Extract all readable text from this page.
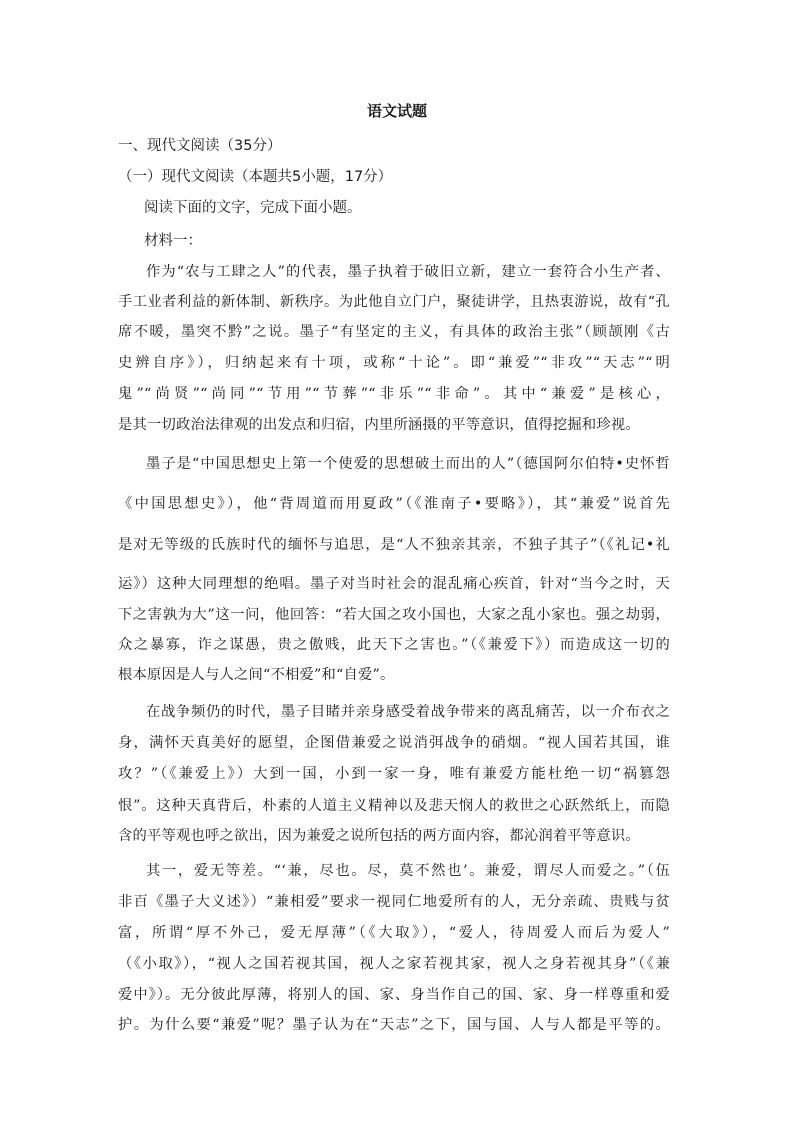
语文试题
一、现代文阅读（35分）
（一）现代文阅读（本题共5小题，17分）
阅读下面的文字，完成下面小题。
材料一：
作为“农与工肆之人”的代表，墨子执着于破旧立新，建立一套符合小生产者、
手工业者利益的新体制、新秩序。为此他自立门户，聚徒讲学，且热衷游说，故有“孔
席不暖，墨突不黔”之说。墨子“有坚定的主义，有具体的政治主张”（顾颉刚《古
史辨自序》），归纳起来有十项，或称“十论”。即“兼爱”“非攻”“天志”“明
鬼”“尚贤”“尚同”“节用”“节葬”“非乐”“非命”。其中“兼爱”是核心，
是其一切政治法律观的出发点和归宿，内里所涵摄的平等意识，值得挖掘和珍视。
墨子是“中国思想史上第一个使爱的思想破土而出的人”（德国阿尔伯特•史怀哲
《中国思想史》），他“背周道而用夏政”（《淮南子•要略》），其“兼爱”说首先
是对无等级的氏族时代的缅怀与追思，是“人不独亲其亲，不独子其子”（《礼记•礼
运》）这种大同理想的绝唱。墨子对当时社会的混乱痛心疾首，针对“当今之时，天
下之害孰为大”这一问，他回答：“若大国之攻小国也，大家之乱小家也。强之劫弱，
众之暴寡，诈之谋愚，贵之傲贱，此天下之害也。”（《兼爱下》）而造成这一切的
根本原因是人与人之间“不相爱”和“自爱”。
在战争频仍的时代，墨子目睹并亲身感受着战争带来的离乱痛苦，以一介布衣之
身，满怀天真美好的愿望，企图借兼爱之说消弭战争的硝烟。“视人国若其国，谁
攻？”（《兼爱上》）大到一国，小到一家一身，唯有兼爱方能杜绝一切“祸篡怨
恨”。这种天真背后，朴素的人道主义精神以及悲天悯人的救世之心跃然纸上，而隐
含的平等观也呼之欲出，因为兼爱之说所包括的两方面内容，都沁润着平等意识。
其一，爱无等差。“‘兼，尽也。尽，莫不然也’。兼爱，谓尽人而爱之。”（伍
非百《墨子大义述》）“兼相爱”要求一视同仁地爱所有的人，无分亲疏、贵贱与贫
富，所谓“厚不外己，爱无厚薄”（《大取》），“爱人，待周爱人而后为爱人”
（《小取》），“视人之国若视其国，视人之家若视其家，视人之身若视其身”（《兼
爱中》）。无分彼此厚薄，将别人的国、家、身当作自己的国、家、身一样尊重和爱
护。为什么要“兼爱”呢？墨子认为在“天志”之下，国与国、人与人都是平等的。
